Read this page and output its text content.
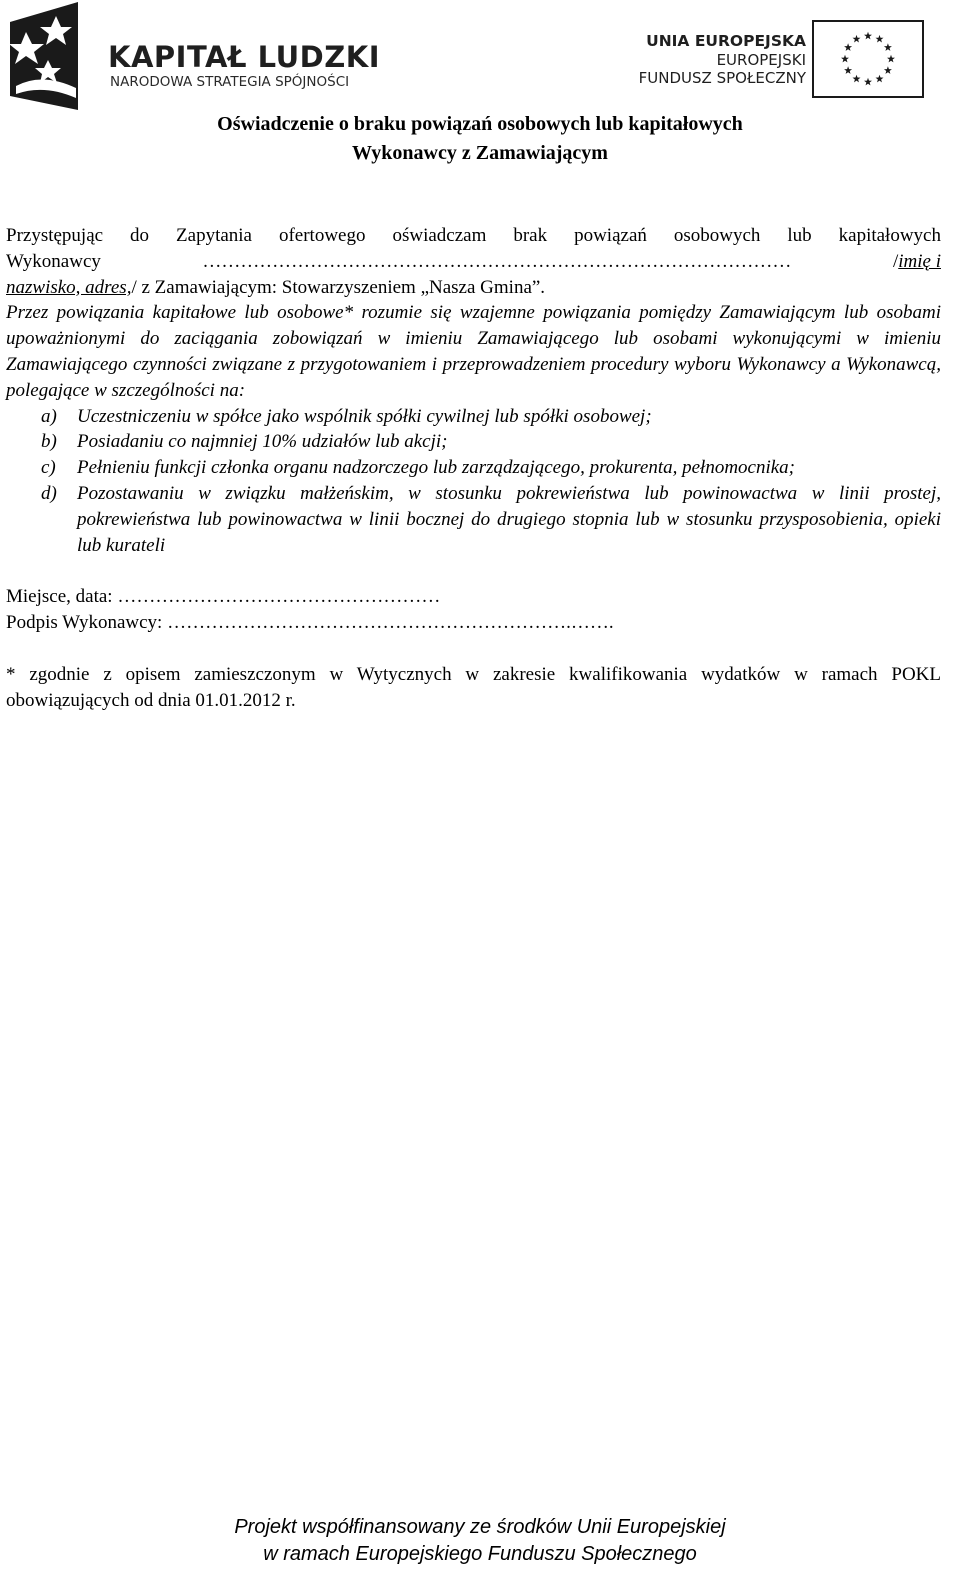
KAPITAŁ LUDZKI
NARODOWA STRATEGIA SPÓJNOŚCI
UNIA EUROPEJSKA
EUROPEJSKI
FUNDUSZ SPOŁECZNY
Oświadczenie o braku powiązań osobowych lub kapitałowych
Wykonawcy z Zamawiającym

Przystępując do Zapytania ofertowego oświadczam brak powiązań osobowych lub kapitałowych

Wykonawcy	…………………………………………………………………………………	/imię i

nazwisko, adres,/ z Zamawiającym: Stowarzyszeniem „Nasza Gmina”.

Przez powiązania kapitałowe lub osobowe* rozumie się wzajemne powiązania pomiędzy Zamawiającym lub osobami upoważnionymi do zaciągania zobowiązań w imieniu Zamawiającego lub osobami wykonującymi w imieniu Zamawiającego czynności związane z przygotowaniem i przeprowadzeniem procedury wyboru Wykonawcy a Wykonawcą, polegające w szczególności na:

a) Uczestniczeniu w spółce jako wspólnik spółki cywilnej lub spółki osobowej;
b) Posiadaniu co najmniej 10% udziałów lub akcji;
c) Pełnieniu funkcji członka organu nadzorczego lub zarządzającego, prokurenta, pełnomocnika;
d) Pozostawaniu w związku małżeńskim, w stosunku pokrewieństwa lub powinowactwa w linii prostej, pokrewieństwa lub powinowactwa w linii bocznej do drugiego stopnia lub w stosunku przysposobienia, opieki lub kurateli

Miejsce, data: ……………………………………………

Podpis Wykonawcy: ……………………………………………………….…….

* zgodnie z opisem zamieszczonym w Wytycznych w zakresie kwalifikowania wydatków w ramach POKL obowiązujących od dnia 01.01.2012 r.

Projekt współfinansowany ze środków Unii Europejskiej
w ramach Europejskiego Funduszu Społecznego
